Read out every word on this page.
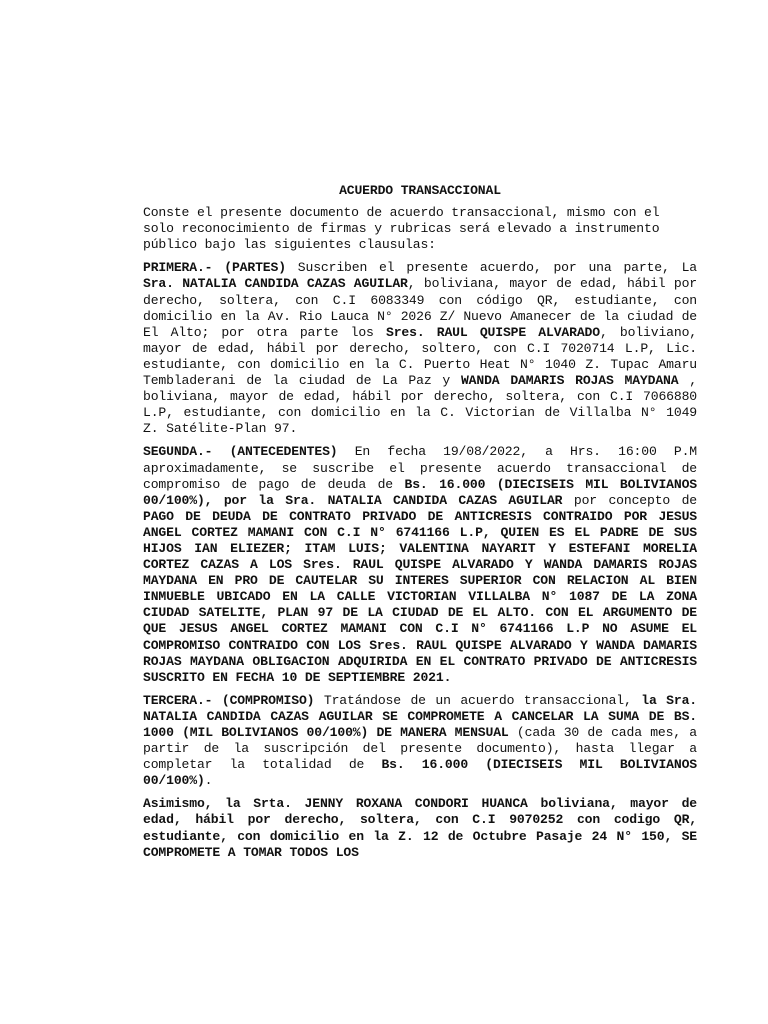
ACUERDO TRANSACCIONAL

Conste el presente documento de acuerdo transaccional, mismo con el solo reconocimiento de firmas y rubricas será elevado a instrumento público bajo las siguientes clausulas:

PRIMERA.- (PARTES) Suscriben el presente acuerdo, por una parte, La Sra. NATALIA CANDIDA CAZAS AGUILAR, boliviana, mayor de edad, hábil por derecho, soltera, con C.I 6083349 con código QR, estudiante, con domicilio en la Av. Rio Lauca N° 2026 Z/ Nuevo Amanecer de la ciudad de El Alto; por otra parte los Sres. RAUL QUISPE ALVARADO, boliviano, mayor de edad, hábil por derecho, soltero, con C.I 7020714 L.P, Lic. estudiante, con domicilio en la C. Puerto Heat N° 1040 Z. Tupac Amaru Tembladerani de la ciudad de La Paz y WANDA DAMARIS ROJAS MAYDANA , boliviana, mayor de edad, hábil por derecho, soltera, con C.I 7066880 L.P, estudiante, con domicilio en la C. Victorian de Villalba N° 1049 Z. Satélite-Plan 97.

SEGUNDA.- (ANTECEDENTES) En fecha 19/08/2022, a Hrs. 16:00 P.M aproximadamente, se suscribe el presente acuerdo transaccional de compromiso de pago de deuda de Bs. 16.000 (DIECISEIS MIL BOLIVIANOS 00/100%), por la Sra. NATALIA CANDIDA CAZAS AGUILAR por concepto de PAGO DE DEUDA DE CONTRATO PRIVADO DE ANTICRESIS CONTRAIDO POR JESUS ANGEL CORTEZ MAMANI CON C.I N° 6741166 L.P, QUIEN ES EL PADRE DE SUS HIJOS IAN ELIEZER; ITAM LUIS; VALENTINA NAYARIT Y ESTEFANI MORELIA CORTEZ CAZAS A LOS Sres. RAUL QUISPE ALVARADO Y WANDA DAMARIS ROJAS MAYDANA EN PRO DE CAUTELAR SU INTERES SUPERIOR CON RELACION AL BIEN INMUEBLE UBICADO EN LA CALLE VICTORIAN VILLALBA N° 1087 DE LA ZONA CIUDAD SATELITE, PLAN 97 DE LA CIUDAD DE EL ALTO. CON EL ARGUMENTO DE QUE JESUS ANGEL CORTEZ MAMANI CON C.I N° 6741166 L.P NO ASUME EL COMPROMISO CONTRAIDO CON LOS Sres. RAUL QUISPE ALVARADO Y WANDA DAMARIS ROJAS MAYDANA OBLIGACION ADQUIRIDA EN EL CONTRATO PRIVADO DE ANTICRESIS SUSCRITO EN FECHA 10 DE SEPTIEMBRE 2021.

TERCERA.- (COMPROMISO) Tratándose de un acuerdo transaccional, la Sra. NATALIA CANDIDA CAZAS AGUILAR SE COMPROMETE A CANCELAR LA SUMA DE BS. 1000 (MIL BOLIVIANOS 00/100%) DE MANERA MENSUAL (cada 30 de cada mes, a partir de la suscripción del presente documento), hasta llegar a completar la totalidad de Bs. 16.000 (DIECISEIS MIL BOLIVIANOS 00/100%).

Asimismo, la Srta. JENNY ROXANA CONDORI HUANCA boliviana, mayor de edad, hábil por derecho, soltera, con C.I 9070252 con codigo QR, estudiante, con domicilio en la Z. 12 de Octubre Pasaje 24 N° 150, SE COMPROMETE A TOMAR TODOS LOS
